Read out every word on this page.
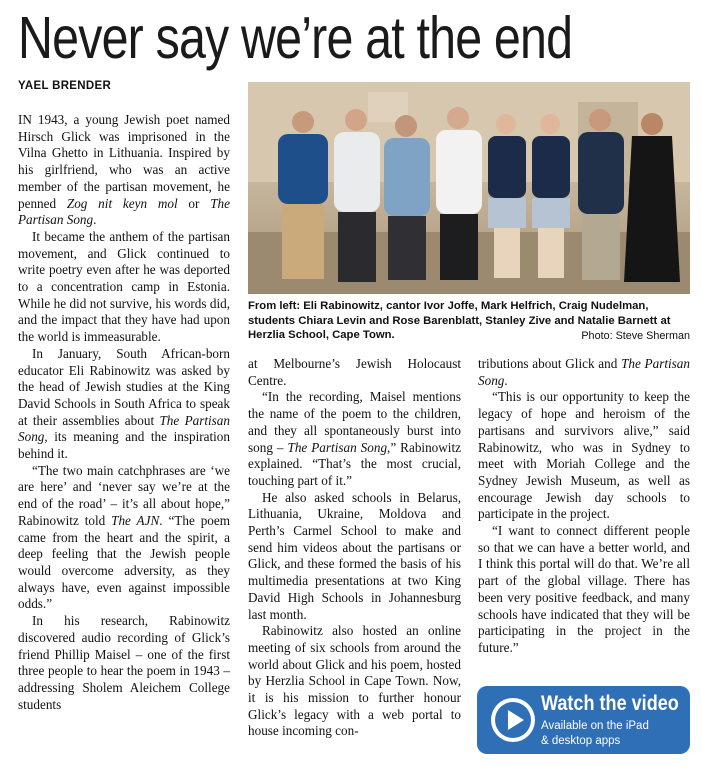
Never say we’re at the end
YAEL BRENDER

IN 1943, a young Jewish poet named Hirsch Glick was imprisoned in the Vilna Ghetto in Lithuania. Inspired by his girlfriend, who was an active member of the partisan movement, he penned Zog nit keyn mol or The Partisan Song.

It became the anthem of the partisan movement, and Glick continued to write poetry even after he was deported to a concentration camp in Estonia. While he did not survive, his words did, and the impact that they have had upon the world is immeasurable.

In January, South African-born educator Eli Rabinowitz was asked by the head of Jewish studies at the King David Schools in South Africa to speak at their assemblies about The Partisan Song, its meaning and the inspiration behind it.

“The two main catchphrases are ‘we are here’ and ‘never say we’re at the end of the road’ – it’s all about hope,” Rabinowitz told The AJN. “The poem came from the heart and the spirit, a deep feeling that the Jewish people would overcome adversity, as they always have, even against impossible odds.”

In his research, Rabinowitz discovered audio recording of Glick’s friend Phillip Maisel – one of the first three people to hear the poem in 1943 – addressing Sholem Aleichem College students

From left: Eli Rabinowitz, cantor Ivor Joffe, Mark Helfrich, Craig Nudelman, students Chiara Levin and Rose Barenblatt, Stanley Zive and Natalie Barnett at Herzlia School, Cape Town.	Photo: Steve Sherman

at Melbourne’s Jewish Holocaust Centre.

“In the recording, Maisel mentions the name of the poem to the children, and they all spontaneously burst into song – The Partisan Song,” Rabinowitz explained. “That’s the most crucial, touching part of it.”

He also asked schools in Belarus, Lithuania, Ukraine, Moldova and Perth’s Carmel School to make and send him videos about the partisans or Glick, and these formed the basis of his multimedia presentations at two King David High Schools in Johannesburg last month.

Rabinowitz also hosted an online meeting of six schools from around the world about Glick and his poem, hosted by Herzlia School in Cape Town. Now, it is his mission to further honour Glick’s legacy with a web portal to house incoming con-

tributions about Glick and The Partisan Song.

“This is our opportunity to keep the legacy of hope and heroism of the partisans and survivors alive,” said Rabinowitz, who was in Sydney to meet with Moriah College and the Sydney Jewish Museum, as well as encourage Jewish day schools to participate in the project.

“I want to connect different people so that we can have a better world, and I think this portal will do that. We’re all part of the global village. There has been very positive feedback, and many schools have indicated that they will be participating in the project in the future.”

Watch the video
Available on the iPad
& desktop apps
